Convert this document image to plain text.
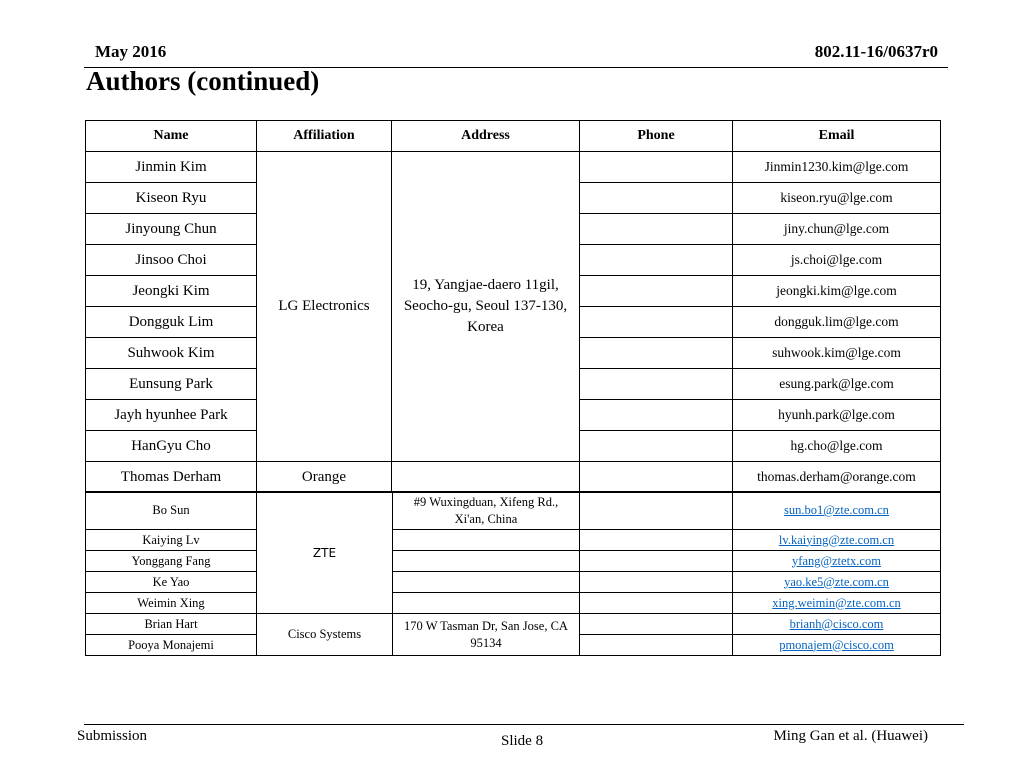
May 2016	802.11-16/0637r0
Authors (continued)
Name	Affiliation	Address	Phone	Email
Jinmin Kim	LG Electronics	19, Yangjae-daero 11gil, Seocho-gu, Seoul 137-130, Korea		Jinmin1230.kim@lge.com
Kiseon Ryu				kiseon.ryu@lge.com
Jinyoung Chun				jiny.chun@lge.com
Jinsoo Choi				js.choi@lge.com
Jeongki Kim				jeongki.kim@lge.com
Dongguk Lim				dongguk.lim@lge.com
Suhwook Kim				suhwook.kim@lge.com
Eunsung Park				esung.park@lge.com
Jayh hyunhee Park				hyunh.park@lge.com
HanGyu Cho				hg.cho@lge.com
Thomas Derham	Orange			thomas.derham@orange.com
Bo Sun	ZTE	#9 Wuxingduan, Xifeng Rd., Xi'an, China		sun.bo1@zte.com.cn
Kaiying Lv				lv.kaiying@zte.com.cn
Yonggang Fang				yfang@ztetx.com
Ke Yao				yao.ke5@zte.com.cn
Weimin Xing				xing.weimin@zte.com.cn
Brian Hart	Cisco Systems	170 W Tasman Dr, San Jose, CA 95134		brianh@cisco.com
Pooya Monajemi				pmonajem@cisco.com
Submission	Slide 8	Ming Gan et al. (Huawei)
